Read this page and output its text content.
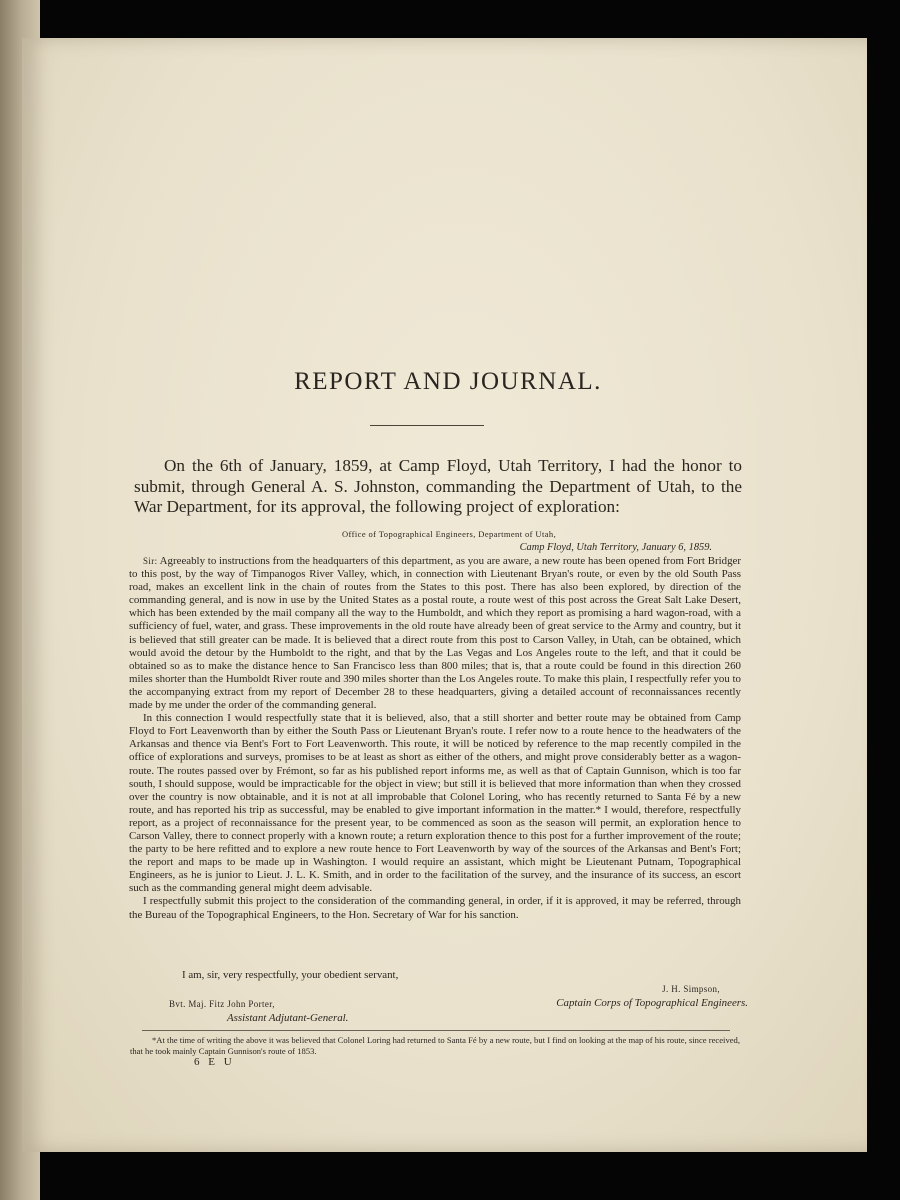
REPORT AND JOURNAL.
On the 6th of January, 1859, at Camp Floyd, Utah Territory, I had the honor to submit, through General A. S. Johnston, commanding the Department of Utah, to the War Department, for its approval, the following project of exploration:
Office of Topographical Engineers, Department of Utah,
Camp Floyd, Utah Territory, January 6, 1859.

Sir: Agreeably to instructions from the headquarters of this department, as you are aware, a new route has been opened from Fort Bridger to this post, by the way of Timpanogos River Valley, which, in connection with Lieutenant Bryan's route, or even by the old South Pass road, makes an excellent link in the chain of routes from the States to this post. There has also been explored, by direction of the commanding general, and is now in use by the United States as a postal route, a route west of this post across the Great Salt Lake Desert, which has been extended by the mail company all the way to the Humboldt, and which they report as promising a hard wagon-road, with a sufficiency of fuel, water, and grass. These improvements in the old route have already been of great service to the Army and country, but it is believed that still greater can be made. It is believed that a direct route from this post to Carson Valley, in Utah, can be obtained, which would avoid the detour by the Humboldt to the right, and that by the Las Vegas and Los Angeles route to the left, and that it could be obtained so as to make the distance hence to San Francisco less than 800 miles; that is, that a route could be found in this direction 260 miles shorter than the Humboldt River route and 390 miles shorter than the Los Angeles route. To make this plain, I respectfully refer you to the accompanying extract from my report of December 28 to these headquarters, giving a detailed account of reconnaissances recently made by me under the order of the commanding general.

In this connection I would respectfully state that it is believed, also, that a still shorter and better route may be obtained from Camp Floyd to Fort Leavenworth than by either the South Pass or Lieutenant Bryan's route. I refer now to a route hence to the headwaters of the Arkansas and thence via Bent's Fort to Fort Leavenworth. This route, it will be noticed by reference to the map recently compiled in the office of explorations and surveys, promises to be at least as short as either of the others, and might prove considerably better as a wagon-route. The routes passed over by Frémont, so far as his published report informs me, as well as that of Captain Gunnison, which is too far south, I should suppose, would be impracticable for the object in view; but still it is believed that more information than when they crossed over the country is now obtainable, and it is not at all improbable that Colonel Loring, who has recently returned to Santa Fé by a new route, and has reported his trip as successful, may be enabled to give important information in the matter.* I would, therefore, respectfully report, as a project of reconnaissance for the present year, to be commenced as soon as the season will permit, an exploration hence to Carson Valley, there to connect properly with a known route; a return exploration thence to this post for a further improvement of the route; the party to be here refitted and to explore a new route hence to Fort Leavenworth by way of the sources of the Arkansas and Bent's Fort; the report and maps to be made up in Washington. I would require an assistant, which might be Lieutenant Putnam, Topographical Engineers, as he is junior to Lieut. J. L. K. Smith, and in order to the facilitation of the survey, and the insurance of its success, an escort such as the commanding general might deem advisable.

I respectfully submit this project to the consideration of the commanding general, in order, if it is approved, it may be referred, through the Bureau of the Topographical Engineers, to the Hon. Secretary of War for his sanction.

I am, sir, very respectfully, your obedient servant,
J. H. Simpson,
Captain Corps of Topographical Engineers.
Bvt. Maj. Fitz John Porter,
Assistant Adjutant-General.
*At the time of writing the above it was believed that Colonel Loring had returned to Santa Fé by a new route, but I find on looking at the map of his route, since received, that he took mainly Captain Gunnison's route of 1853.
6 E U
